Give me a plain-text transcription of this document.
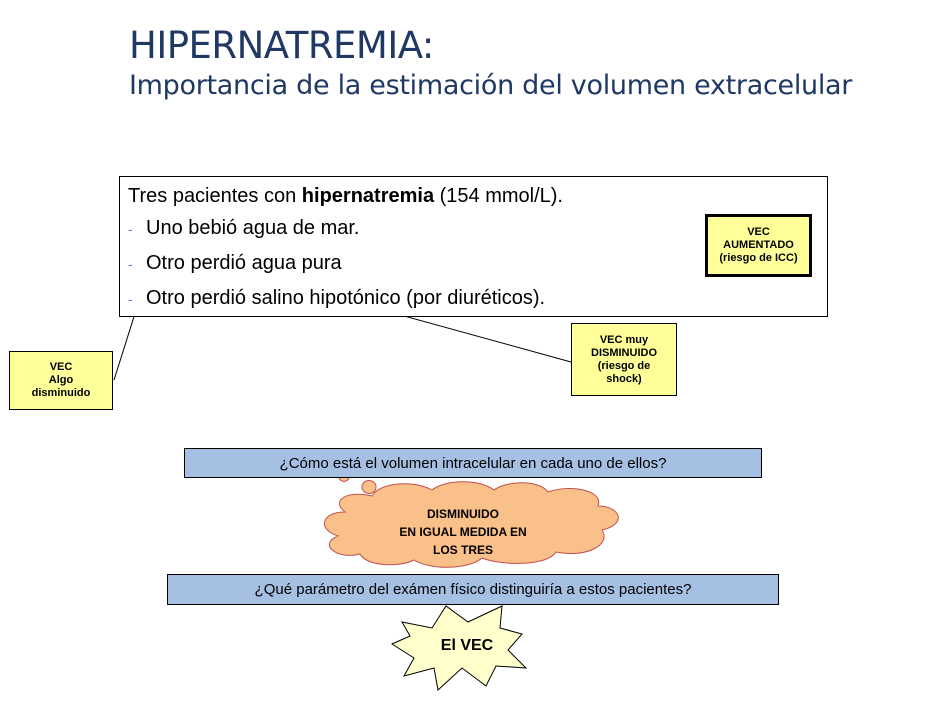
HIPERNATREMIA:
Importancia de la estimación del volumen extracelular
Tres pacientes con hipernatremia (154 mmol/L).
- Uno bebió agua de mar.
- Otro perdió agua pura
- Otro perdió salino hipotónico (por diuréticos).
VEC
AUMENTADO
(riesgo de ICC)
VEC muy
DISMINUIDO
(riesgo de
shock)
VEC
Algo
disminuido
¿Cómo está el volumen intracelular en cada uno de ellos?
DISMINUIDO
EN IGUAL MEDIDA EN
LOS TRES
¿Qué parámetro del exámen físico distinguiría a estos pacientes?
El VEC
